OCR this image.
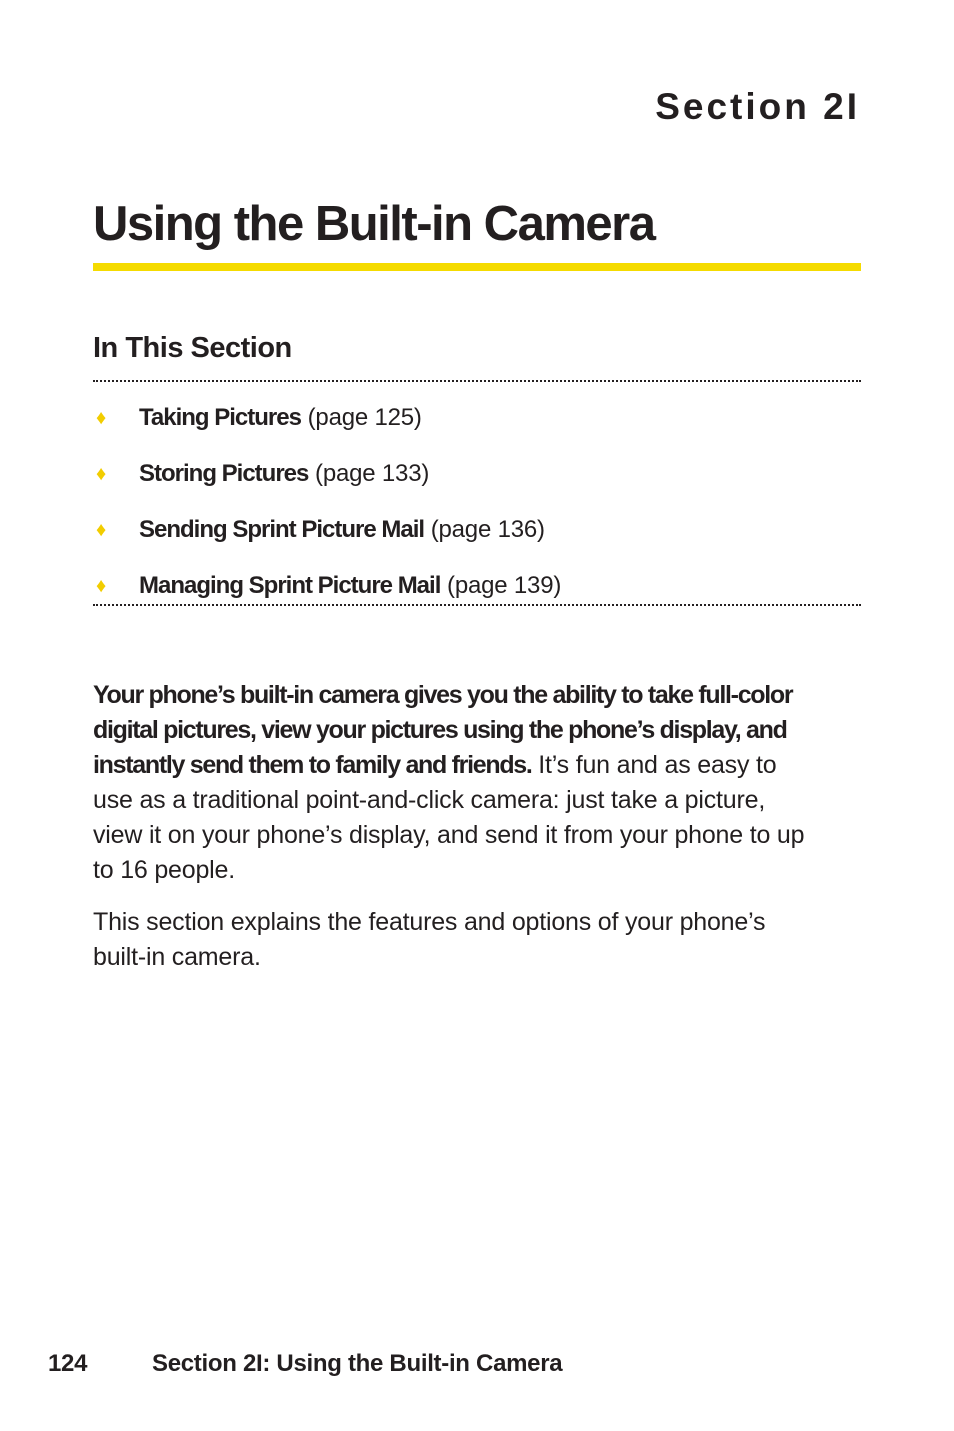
Section 2I
Using the Built-in Camera
In This Section
♦	Taking Pictures
(page 125)
♦	Storing Pictures
(page 133)
♦	Sending Sprint Picture Mail
(page 136)
♦	Managing Sprint Picture Mail
(page 139)

Your phone’s built-in camera gives you the ability to take full-color digital pictures, view your pictures using the phone’s display, and instantly send them to family and friends. It’s fun and as easy to use as a traditional point-and-click camera: just take a picture, view it on your phone’s display, and send it from your phone to up to 16 people.

This section explains the features and options of your phone’s built-in camera.

124	Section 2I: Using the Built-in Camera
